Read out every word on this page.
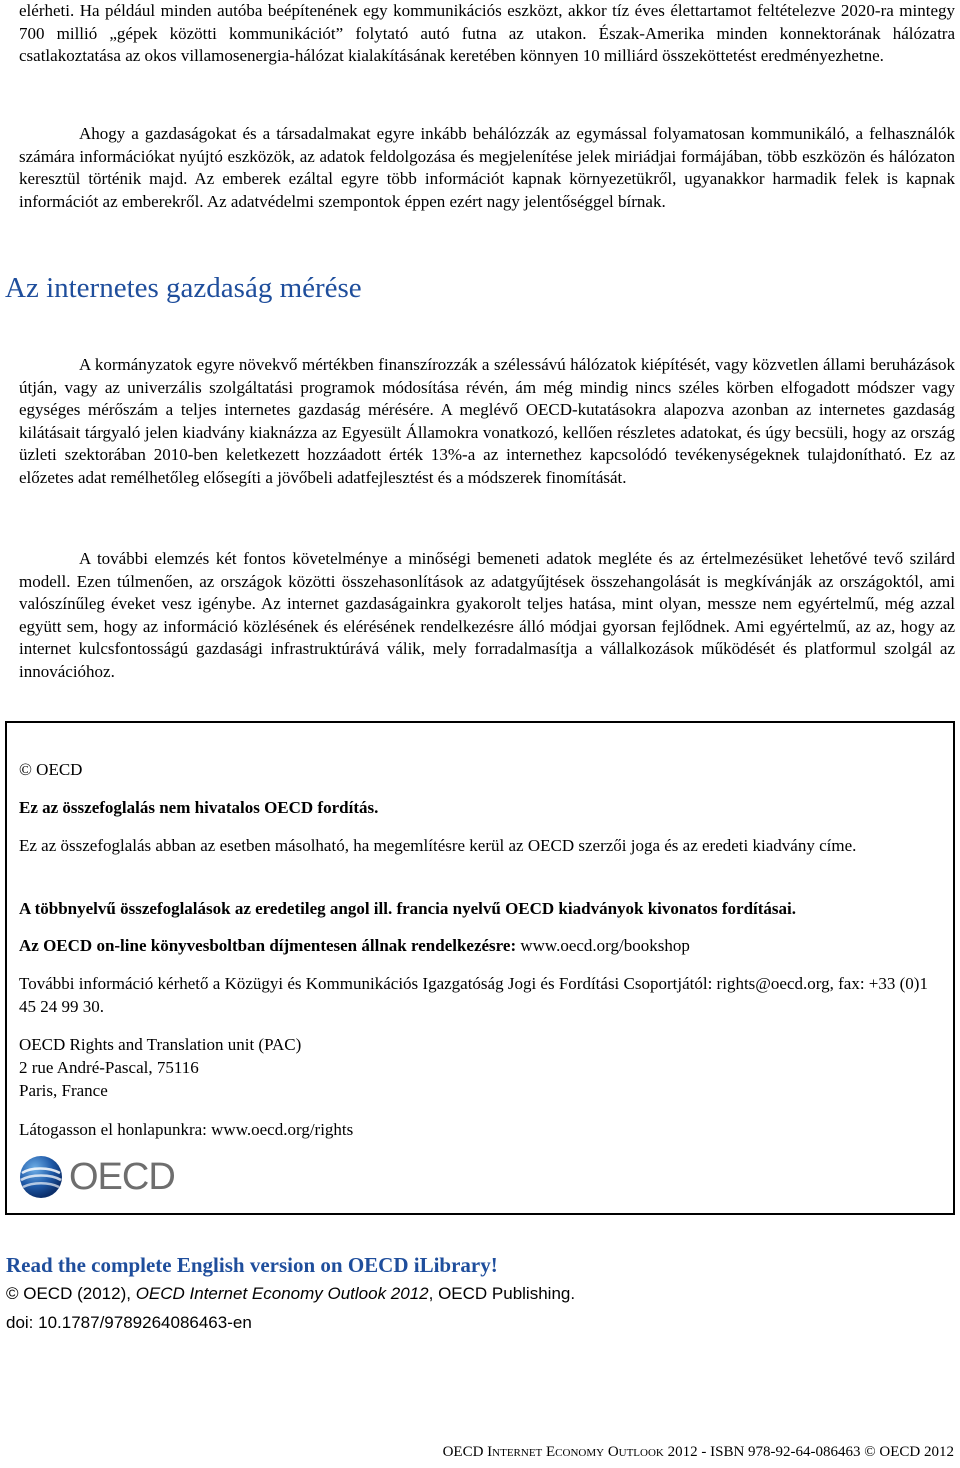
elérheti. Ha például minden autóba beépítenének egy kommunikációs eszközt, akkor tíz éves élettartamot feltételezve 2020-ra mintegy 700 millió „gépek közötti kommunikációt” folytató autó futna az utakon. Észak-Amerika minden konnektorának hálózatra csatlakoztatása az okos villamosenergia-hálózat kialakításának keretében könnyen 10 milliárd összeköttetést eredményezhetne.

Ahogy a gazdaságokat és a társadalmakat egyre inkább behálózzák az egymással folyamatosan kommunikáló, a felhasználók számára információkat nyújtó eszközök, az adatok feldolgozása és megjelenítése jelek miriádjai formájában, több eszközön és hálózaton keresztül történik majd. Az emberek ezáltal egyre több információt kapnak környezetükről, ugyanakkor harmadik felek is kapnak információt az emberekről. Az adatvédelmi szempontok éppen ezért nagy jelentőséggel bírnak.

Az internetes gazdaság mérése

A kormányzatok egyre növekvő mértékben finanszírozzák a szélessávú hálózatok kiépítését, vagy közvetlen állami beruházások útján, vagy az univerzális szolgáltatási programok módosítása révén, ám még mindig nincs széles körben elfogadott módszer vagy egységes mérőszám a teljes internetes gazdaság mérésére. A meglévő OECD-kutatásokra alapozva azonban az internetes gazdaság kilátásait tárgyaló jelen kiadvány kiaknázza az Egyesült Államokra vonatkozó, kellően részletes adatokat, és úgy becsüli, hogy az ország üzleti szektorában 2010-ben keletkezett hozzáadott érték 13%-a az internethez kapcsolódó tevékenységeknek tulajdonítható. Ez az előzetes adat remélhetőleg elősegíti a jövőbeli adatfejlesztést és a módszerek finomítását.

A további elemzés két fontos követelménye a minőségi bemeneti adatok megléte és az értelmezésüket lehetővé tevő szilárd modell. Ezen túlmenően, az országok közötti összehasonlítások az adatgyűjtések összehangolását is megkívánják az országoktól, ami valószínűleg éveket vesz igénybe. Az internet gazdaságainkra gyakorolt teljes hatása, mint olyan, messze nem egyértelmű, még azzal együtt sem, hogy az információ közlésének és elérésének rendelkezésre álló módjai gyorsan fejlődnek. Ami egyértelmű, az az, hogy az internet kulcsfontosságú gazdasági infrastruktúrává válik, mely forradalmasítja a vállalkozások működését és platformul szolgál az innovációhoz.

© OECD

Ez az összefoglalás nem hivatalos OECD fordítás.

Ez az összefoglalás abban az esetben másolható, ha megemlítésre kerül az OECD szerzői joga és az eredeti kiadvány címe.

A többnyelvű összefoglalások az eredetileg angol ill. francia nyelvű OECD kiadványok kivonatos fordításai.

Az OECD on-line könyvesboltban díjmentesen állnak rendelkezésre: www.oecd.org/bookshop

További információ kérhető a Közügyi és Kommunikációs Igazgatóság Jogi és Fordítási Csoportjától: rights@oecd.org, fax: +33 (0)1 45 24 99 30.

OECD Rights and Translation unit (PAC)

2 rue André-Pascal, 75116

Paris, France

Látogasson el honlapunkra: www.oecd.org/rights

OECD

Read the complete English version on OECD iLibrary!

© OECD (2012), OECD Internet Economy Outlook 2012, OECD Publishing.

doi: 10.1787/9789264086463-en

OECD Internet Economy Outlook 2012 - ISBN 978-92-64-086463 © OECD 2012
